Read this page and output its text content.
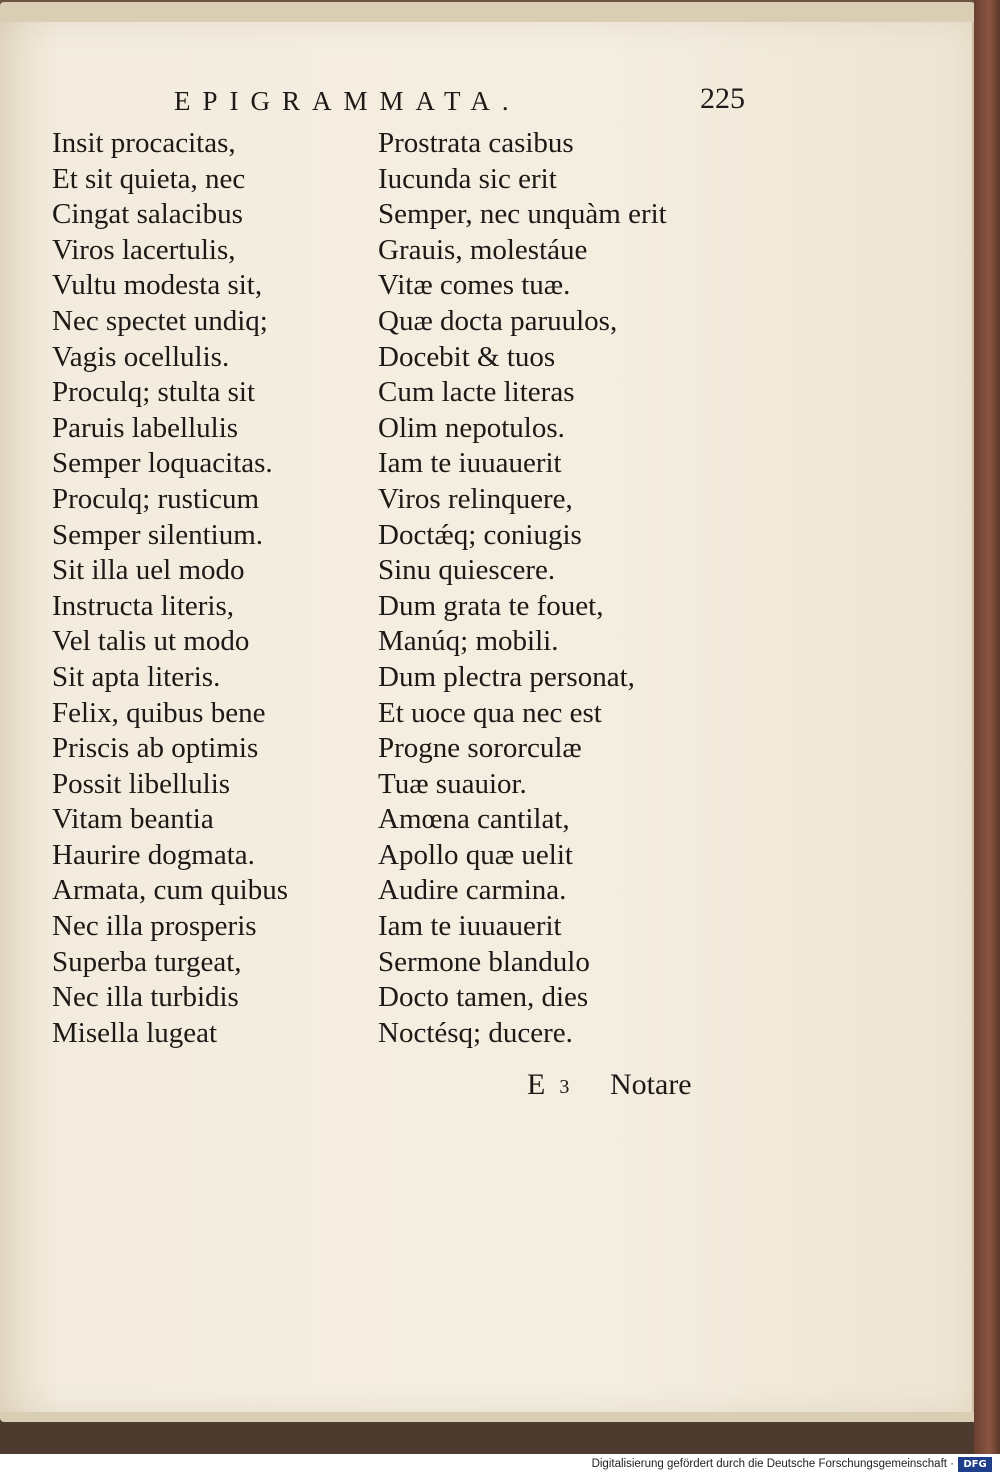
EPIGRAMMATA.	225
Insit procacitas,
Et sit quieta, nec
Cingat salacibus
Viros lacertulis,
Vultu modesta sit,
Nec spectet undiq;
Vagis ocellulis.
Proculq; stulta sit
Paruis labellulis
Semper loquacitas.
Proculq; rusticum
Semper silentium.
Sit illa uel modo
Instructa literis,
Vel talis ut modo
Sit apta literis.
Felix, quibus bene
Priscis ab optimis
Possit libellulis
Vitam beantia
Haurire dogmata.
Armata, cum quibus
Nec illa prosperis
Superba turgeat,
Nec illa turbidis
Misella lugeat
Prostrata casibus
Iucunda sic erit
Semper, nec unquàm erit
Grauis, molestáue
Vitæ comes tuæ.
Quæ docta paruulos,
Docebit & tuos
Cum lacte literas
Olim nepotulos.
Iam te iuuauerit
Viros relinquere,
Doctǽq; coniugis
Sinu quiescere.
Dum grata te fouet,
Manúq; mobili.
Dum plectra personat,
Et uoce qua nec est
Progne sororculæ
Tuæ suauior.
Amœna cantilat,
Apollo quæ uelit
Audire carmina.
Iam te iuuauerit
Sermone blandulo
Docto tamen, dies
Noctésq; ducere.
E 3 Notare
Digitalisierung gefördert durch die Deutsche Forschungsgemeinschaft · DFG
